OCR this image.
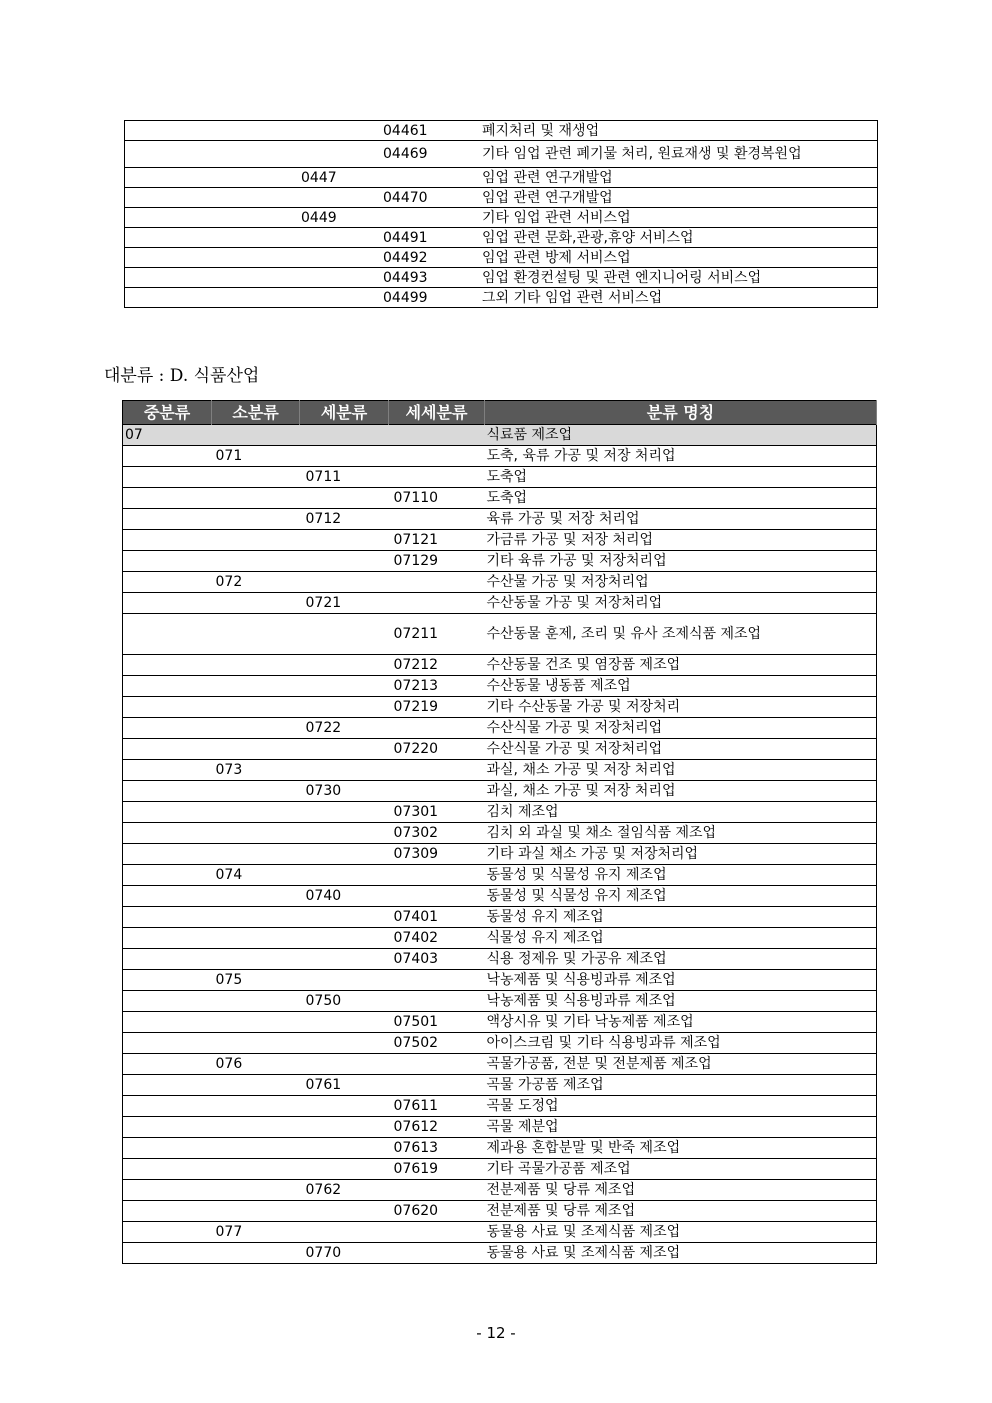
		04461	폐지처리 및 재생업
		04469	기타 임업 관련 폐기물 처리, 원료재생 및 환경복원업
	0447		임업 관련 연구개발업
		04470	임업 관련 연구개발업
	0449		기타 임업 관련 서비스업
		04491	임업 관련 문화,관광,휴양 서비스업
		04492	임업 관련 방제 서비스업
		04493	임업 환경컨설팅 및 관련 엔지니어링 서비스업
		04499	그외 기타 임업 관련 서비스업
대분류 : D. 식품산업
중분류	소분류	세분류	세세분류	분류 명칭
07				식료품 제조업
	071			도축, 육류 가공 및 저장 처리업
		0711		도축업
			07110	도축업
		0712		육류 가공 및 저장 처리업
			07121	가금류 가공 및 저장 처리업
			07129	기타 육류 가공 및 저장처리업
	072			수산물 가공 및 저장처리업
		0721		수산동물 가공 및 저장처리업
			07211	수산동물 훈제, 조리 및 유사 조제식품 제조업
			07212	수산동물 건조 및 염장품 제조업
			07213	수산동물 냉동품 제조업
			07219	기타 수산동물 가공 및 저장처리
		0722		수산식물 가공 및 저장처리업
			07220	수산식물 가공 및 저장처리업
	073			과실, 채소 가공 및 저장 처리업
		0730		과실, 채소 가공 및 저장 처리업
			07301	김치 제조업
			07302	김치 외 과실 및 채소 절임식품 제조업
			07309	기타 과실 채소 가공 및 저장처리업
	074			동물성 및 식물성 유지 제조업
		0740		동물성 및 식물성 유지 제조업
			07401	동물성 유지 제조업
			07402	식물성 유지 제조업
			07403	식용 정제유 및 가공유 제조업
	075			낙농제품 및 식용빙과류 제조업
		0750		낙농제품 및 식용빙과류 제조업
			07501	액상시유 및 기타 낙농제품 제조업
			07502	아이스크림 및 기타 식용빙과류 제조업
	076			곡물가공품, 전분 및 전분제품 제조업
		0761		곡물 가공품 제조업
			07611	곡물 도정업
			07612	곡물 제분업
			07613	제과용 혼합분말 및 반죽 제조업
			07619	기타 곡물가공품 제조업
		0762		전분제품 및 당류 제조업
			07620	전분제품 및 당류 제조업
	077			동물용 사료 및 조제식품 제조업
		0770		동물용 사료 및 조제식품 제조업
- 12 -
